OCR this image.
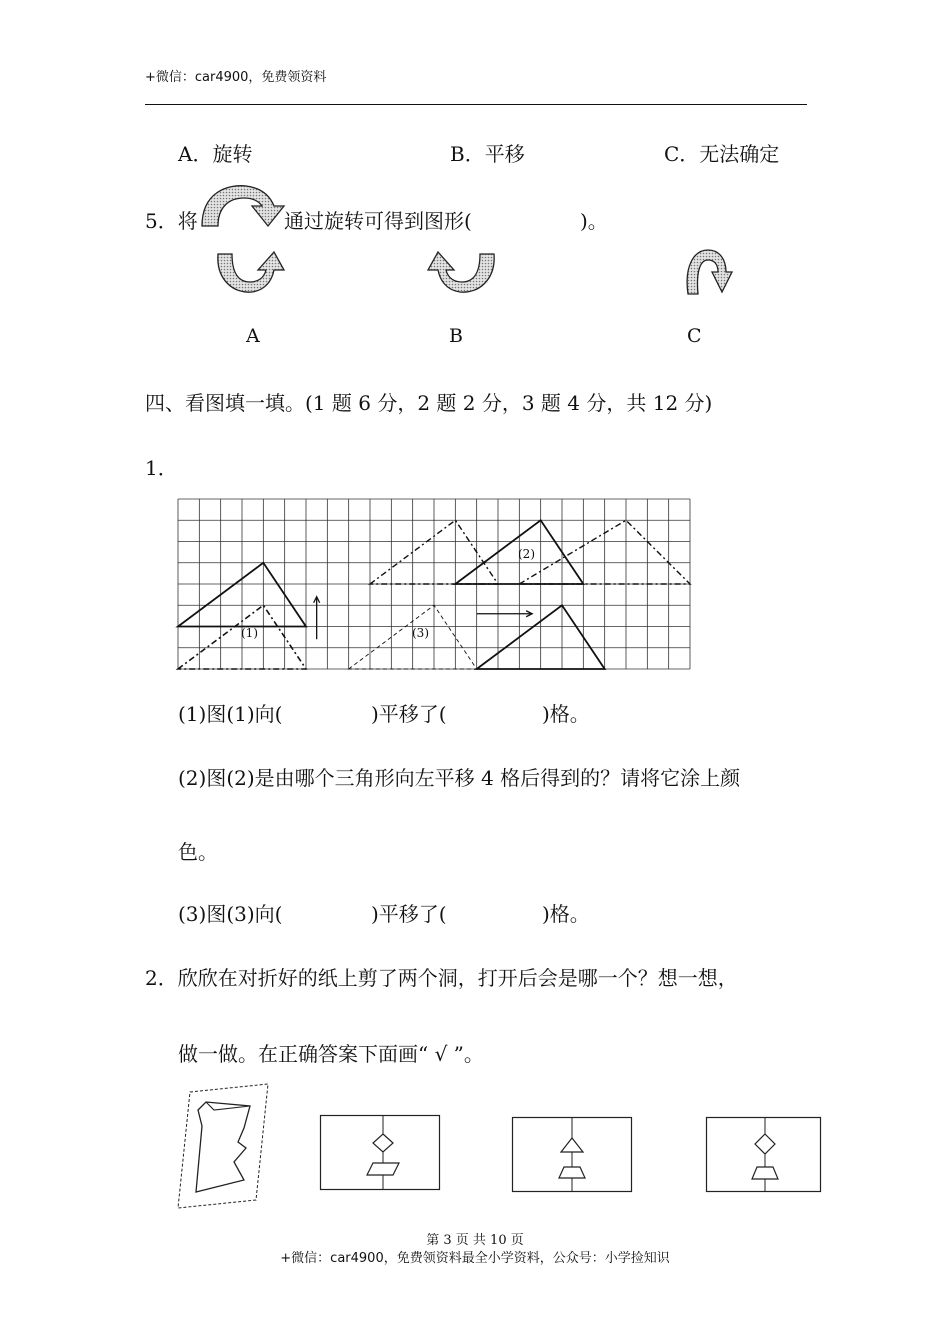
+微信：car4900，免费领资料
A．旋转	B．平移	C．无法确定
5．将	通过旋转可得到图形(	)。
A	B	C
四、看图填一填。(1 题 6 分，2 题 2 分，3 题 4 分，共 12 分)
1．
(1)
(2)
(3)
(1)图(1)向(	)平移了(	)格。
(2)图(2)是由哪个三角形向左平移 4 格后得到的？请将它涂上颜
色。
(3)图(3)向(	)平移了(	)格。
2．欣欣在对折好的纸上剪了两个洞，打开后会是哪一个？想一想，
做一做。在正确答案下面画“ √ ”。
第 3 页 共 10 页
+微信：car4900，免费领资料最全小学资料，公众号：小学捡知识
